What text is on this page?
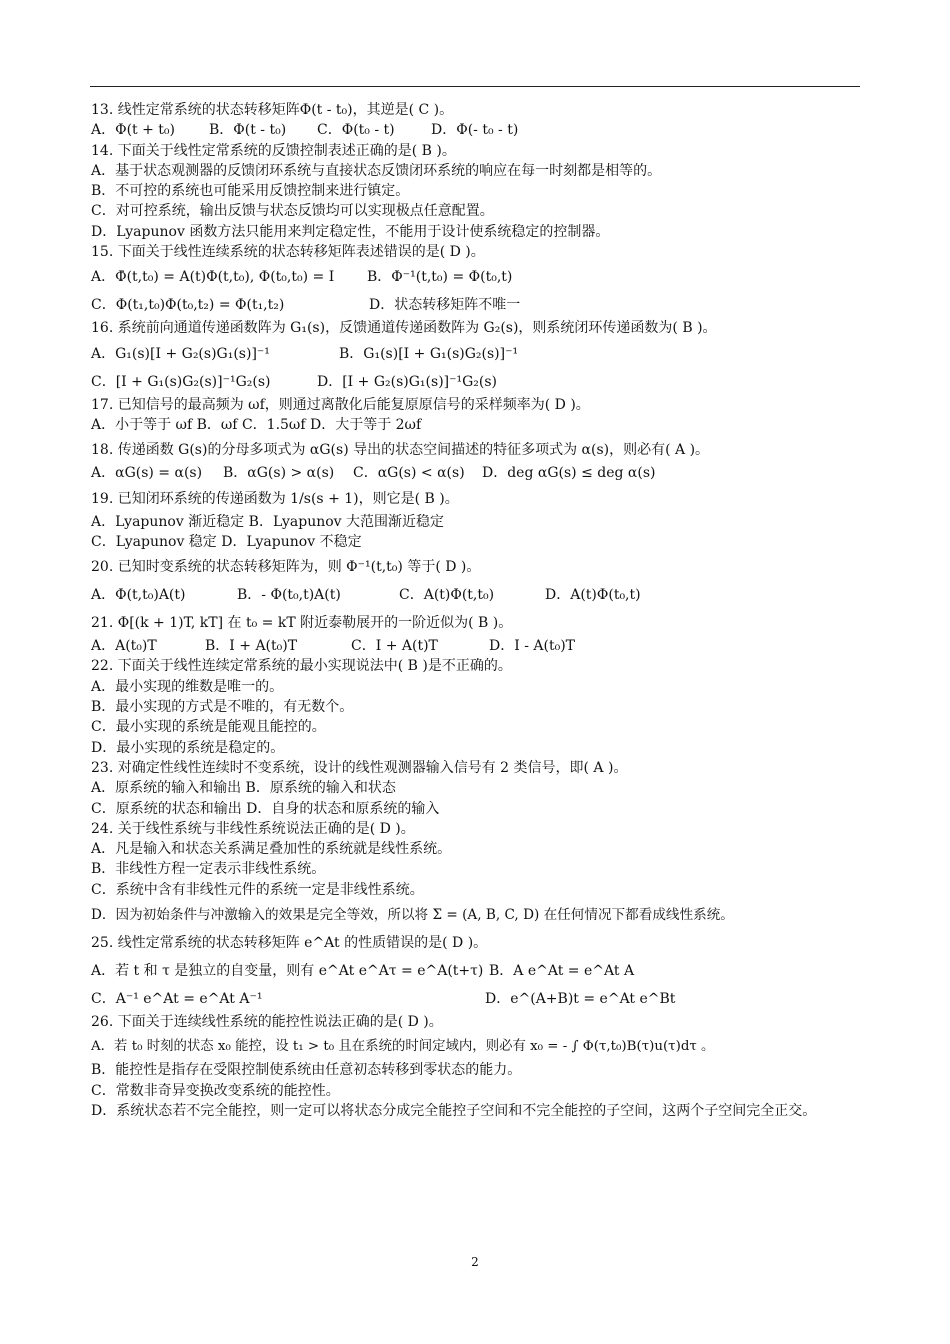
13. 线性定常系统的状态转移矩阵Φ(t - t₀)，其逆是( C )。
A．Φ(t + t₀) B．Φ(t - t₀) C．Φ(t₀ - t)	D．Φ(- t₀ - t)
14. 下面关于线性定常系统的反馈控制表述正确的是( B )。
A．基于状态观测器的反馈闭环系统与直接状态反馈闭环系统的响应在每一时刻都是相等的。
B．不可控的系统也可能采用反馈控制来进行镇定。
C．对可控系统，输出反馈与状态反馈均可以实现极点任意配置。
D．Lyapunov 函数方法只能用来判定稳定性，不能用于设计使系统稳定的控制器。
15. 下面关于线性连续系统的状态转移矩阵表述错误的是( D )。
A．Φ̇(t,t₀) = A(t)Φ(t,t₀), Φ(t₀,t₀) = I B．Φ⁻¹(t,t₀) = Φ(t₀,t)
C．Φ(t₁,t₀)Φ(t₀,t₂) = Φ(t₁,t₂)	D．状态转移矩阵不唯一
16. 系统前向通道传递函数阵为 G₁(s)，反馈通道传递函数阵为 G₂(s)，则系统闭环传递函数为( B )。
A．G₁(s)[I + G₂(s)G₁(s)]⁻¹	B．G₁(s)[I + G₁(s)G₂(s)]⁻¹
C．[I + G₁(s)G₂(s)]⁻¹G₂(s)	D．[I + G₂(s)G₁(s)]⁻¹G₂(s)
17. 已知信号的最高频为 ωf，则通过离散化后能复原原信号的采样频率为( D )。
A．小于等于 ωf B．ωf C．1.5ωf D．大于等于 2ωf
18. 传递函数 G(s)的分母多项式为 αG(s) 导出的状态空间描述的特征多项式为 α(s)，则必有( A )。
A．αG(s) = α(s) B．αG(s) > α(s) C．αG(s) < α(s) D．deg αG(s) ≤ deg α(s)
19. 已知闭环系统的传递函数为 1/s(s + 1)，则它是( B )。
A．Lyapunov 渐近稳定 B．Lyapunov 大范围渐近稳定
C．Lyapunov 稳定 D．Lyapunov 不稳定
20. 已知时变系统的状态转移矩阵为，则 Φ⁻¹(t,t₀) 等于( D )。
A．Φ(t,t₀)A(t)	B．- Φ(t₀,t)A(t)	C．A(t)Φ(t,t₀)	D．A(t)Φ(t₀,t)
21. Φ[(k + 1)T, kT] 在 t₀ = kT 附近泰勒展开的一阶近似为( B )。
A．A(t₀)T	B．I + A(t₀)T	C．I + A(t)T	D．I - A(t₀)T
22. 下面关于线性连续定常系统的最小实现说法中( B )是不正确的。
A．最小实现的维数是唯一的。
B．最小实现的方式是不唯的，有无数个。
C．最小实现的系统是能观且能控的。
D．最小实现的系统是稳定的。
23. 对确定性线性连续时不变系统，设计的线性观测器输入信号有 2 类信号，即( A )。
A．原系统的输入和输出 B．原系统的输入和状态
C．原系统的状态和输出 D．自身的状态和原系统的输入
24. 关于线性系统与非线性系统说法正确的是( D )。
A．凡是输入和状态关系满足叠加性的系统就是线性系统。
B．非线性方程一定表示非线性系统。
C．系统中含有非线性元件的系统一定是非线性系统。
D．因为初始条件与冲激输入的效果是完全等效，所以将 Σ = (A, B, C, D) 在任何情况下都看成线性系统。
25. 线性定常系统的状态转移矩阵 e^At 的性质错误的是( D )。
A．若 t 和 τ 是独立的自变量，则有 e^At e^Aτ = e^A(t+τ) B．A e^At = e^At A
C．A⁻¹ e^At = e^At A⁻¹	D．e^(A+B)t = e^At e^Bt
26. 下面关于连续线性系统的能控性说法正确的是( D )。
A．若 t₀ 时刻的状态 x₀ 能控，设 t₁ > t₀ 且在系统的时间定域内，则必有 x₀ = - ∫ Φ(τ,t₀)B(τ)u(τ)dτ 。
B．能控性是指存在受限控制使系统由任意初态转移到零状态的能力。
C．常数非奇异变换改变系统的能控性。
D．系统状态若不完全能控，则一定可以将状态分成完全能控子空间和不完全能控的子空间，这两个子空间完全正交。
2
